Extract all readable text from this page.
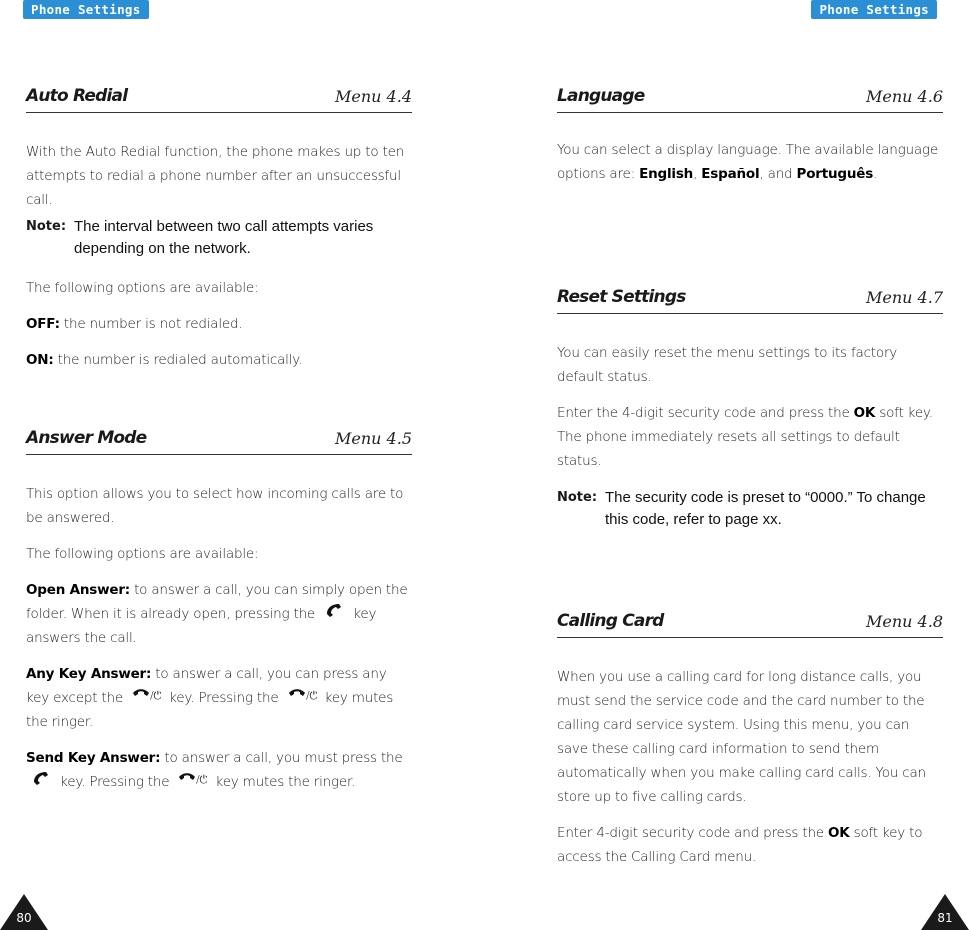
Phone Settings	Phone Settings
Auto Redial	Menu 4.4

With the Auto Redial function, the phone makes up to ten attempts to redial a phone number after an unsuccessful call.

Note: The interval between two call attempts varies depending on the network.

The following options are available:

OFF: the number is not redialed.

ON: the number is redialed automatically.

Answer Mode	Menu 4.5

This option allows you to select how incoming calls are to be answered.

The following options are available:

Open Answer: to answer a call, you can simply open the folder. When it is already open, pressing the  key answers the call.

Any Key Answer: to answer a call, you can press any key except the /⏻ key. Pressing the /⏻ key mutes the ringer.

Send Key Answer: to answer a call, you must press the  key. Pressing the /⏻ key mutes the ringer.

Language	Menu 4.6

You can select a display language. The available language options are: English, Español, and Português.

Reset Settings	Menu 4.7

You can easily reset the menu settings to its factory default status.

Enter the 4-digit security code and press the OK soft key. The phone immediately resets all settings to default status.

Note: The security code is preset to “0000.” To change this code, refer to page xx.
Calling Card	Menu 4.8

When you use a calling card for long distance calls, you must send the service code and the card number to the calling card service system. Using this menu, you can save these calling card information to send them automatically when you make calling card calls. You can store up to five calling cards.

Enter 4-digit security code and press the OK soft key to access the Calling Card menu.

80	81
